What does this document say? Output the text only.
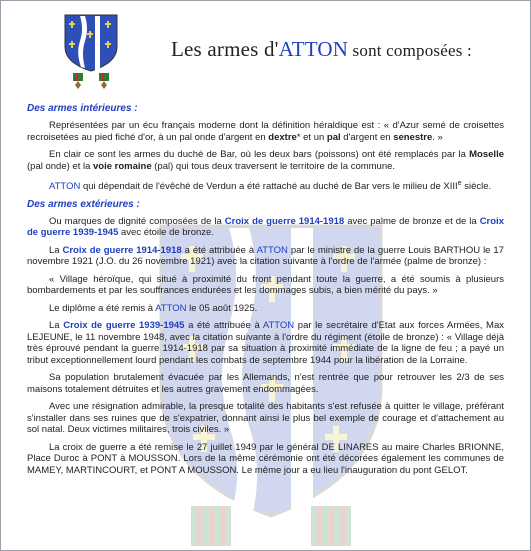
Les armes d'ATTON sont composées :
Des armes intérieures :

Représentées par un écu français moderne dont la définition héraldique est : « d'Azur semé de croisettes recroisetées au pied fiché d'or, à un pal onde d'argent en dextre* et un pal d'argent en senestre. »

En clair ce sont les armes du duché de Bar, où les deux bars (poissons) ont été remplacés par la Moselle (pal onde) et la voie romaine (pal) qui tous deux traversent le territoire de la commune.

ATTON qui dépendait de l'évêché de Verdun a été rattaché au duché de Bar vers le milieu de XIIIe siècle.

Des armes extérieures :

Ou marques de dignité composées de la Croix de guerre 1914-1918 avec palme de bronze et de la Croix de guerre 1939-1945 avec étoile de bronze.

La Croix de guerre 1914-1918 a été attribuée à ATTON par le ministre de la guerre Louis BARTHOU le 17 novembre 1921 (J.O. du 26 novembre 1921) avec la citation suivante à l'ordre de l'armée (palme de bronze) :

« Village héroïque, qui situé à proximité du front pendant toute la guerre, a été soumis à plusieurs bombardements et par les souffrances endurées et les dommages subis, a bien mérité du pays. »

Le diplôme a été remis à ATTON le 05 août 1925.

La Croix de guerre 1939-1945 a été attribuée à ATTON par le secrétaire d'Etat aux forces Armées, Max LEJEUNE, le 11 novembre 1948, avec la citation suivante à l'ordre du régiment (étoile de bronze) : « Village déjà très éprouvé pendant la guerre 1914-1918 par sa situation à proximité immédiate de la ligne de feu ; a payé un tribut exceptionnellement lourd pendant les combats de septembre 1944 pour la libération de la Lorraine.

Sa population brutalement évacuée par les Allemands, n'est rentrée que pour retrouver les 2/3 de ses maisons totalement détruites et les autres gravement endommagées.

Avec une résignation admirable, la presque totalité des habitants s'est refusée à quitter le village, préférant s'installer dans ses ruines que de s'expatrier, donnant ainsi le plus bel exemple de courage et d'attachement au sol natal. Deux victimes militaires, trois civiles. »

La croix de guerre a été remise le 27 juillet 1949 par le général DE LINARES au maire Charles BRIONNE, Place Duroc à PONT à MOUSSON. Lors de la même cérémonie ont été décorées également les communes de MAMEY, MARTINCOURT, et PONT A MOUSSON. Le même jour a eu lieu l'inauguration du pont GELOT.
